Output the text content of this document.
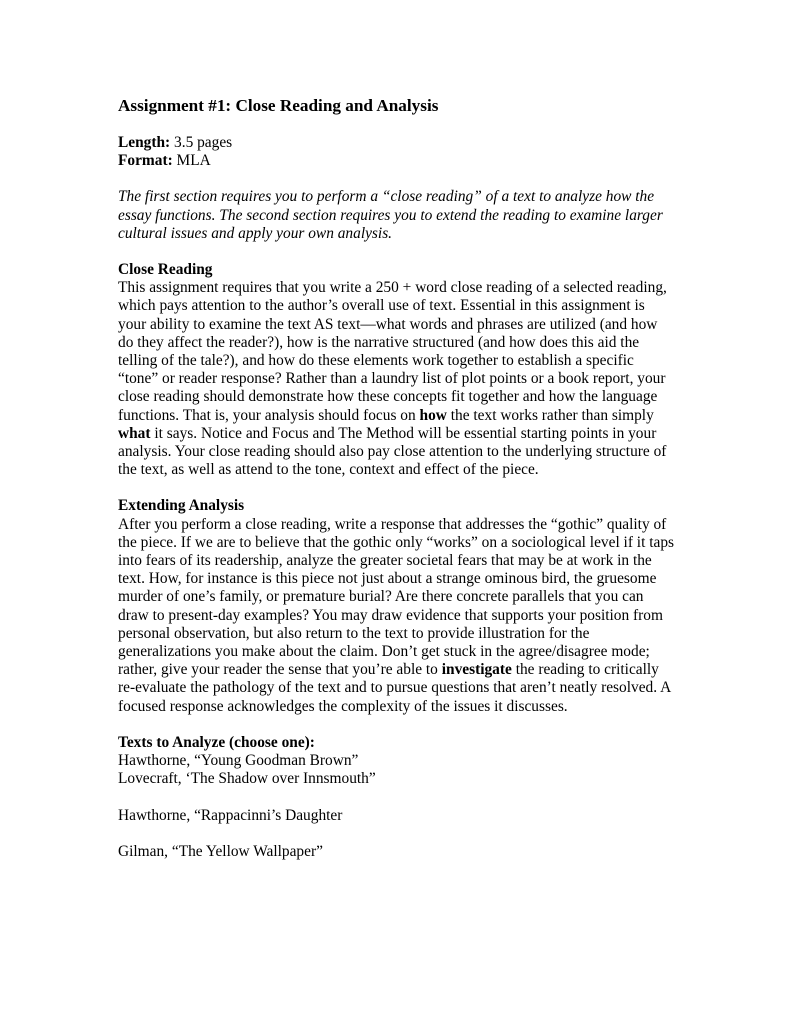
Assignment #1: Close Reading and Analysis

Length: 3.5 pages

Format: MLA

The first section requires you to perform a “close reading” of a text to analyze how the essay functions. The second section requires you to extend the reading to examine larger cultural issues and apply your own analysis.

Close Reading

This assignment requires that you write a 250 + word close reading of a selected reading, which pays attention to the author’s overall use of text. Essential in this assignment is your ability to examine the text AS text—what words and phrases are utilized (and how do they affect the reader?), how is the narrative structured (and how does this aid the telling of the tale?), and how do these elements work together to establish a specific “tone” or reader response? Rather than a laundry list of plot points or a book report, your close reading should demonstrate how these concepts fit together and how the language functions. That is, your analysis should focus on how the text works rather than simply what it says. Notice and Focus and The Method will be essential starting points in your analysis. Your close reading should also pay close attention to the underlying structure of the text, as well as attend to the tone, context and effect of the piece.

Extending Analysis

After you perform a close reading, write a response that addresses the “gothic” quality of the piece. If we are to believe that the gothic only “works” on a sociological level if it taps into fears of its readership, analyze the greater societal fears that may be at work in the text. How, for instance is this piece not just about a strange ominous bird, the gruesome murder of one’s family, or premature burial? Are there concrete parallels that you can draw to present-day examples? You may draw evidence that supports your position from personal observation, but also return to the text to provide illustration for the generalizations you make about the claim. Don’t get stuck in the agree/disagree mode; rather, give your reader the sense that you’re able to investigate the reading to critically re-evaluate the pathology of the text and to pursue questions that aren’t neatly resolved. A focused response acknowledges the complexity of the issues it discusses.

Texts to Analyze (choose one):

Hawthorne, “Young Goodman Brown”

Lovecraft, ‘The Shadow over Innsmouth”

Hawthorne, “Rappacinni’s Daughter

Gilman, “The Yellow Wallpaper”
